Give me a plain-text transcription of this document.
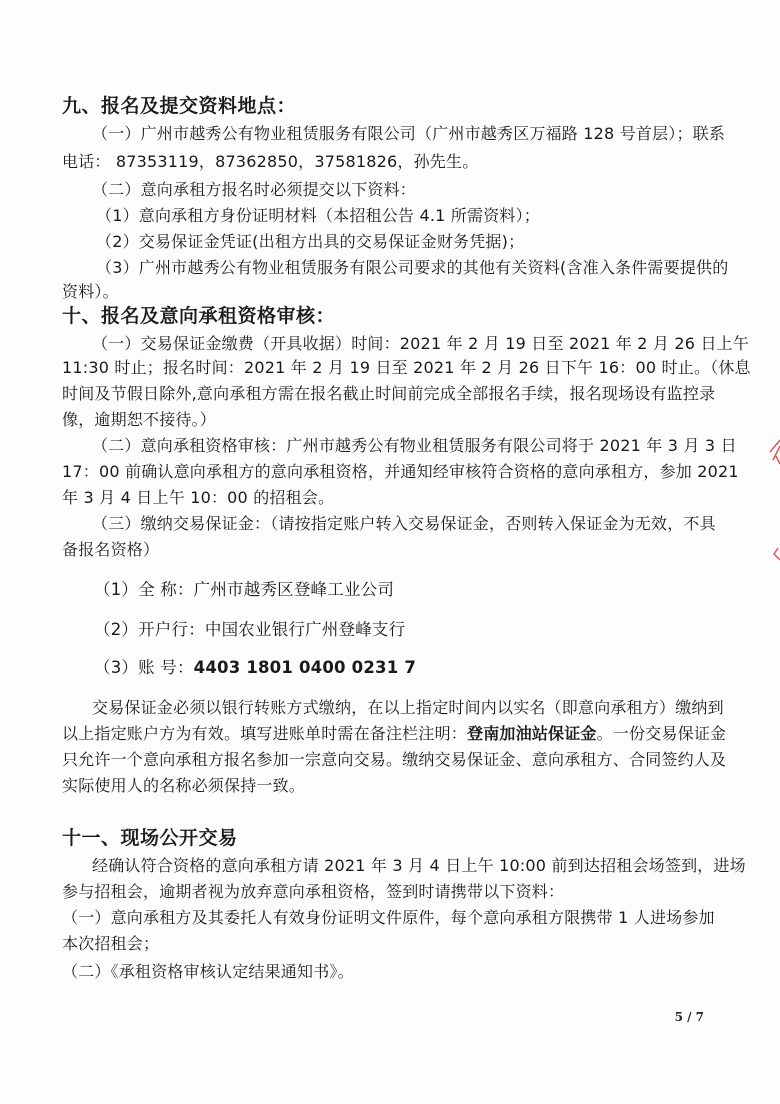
九、报名及提交资料地点：
（一）广州市越秀公有物业租赁服务有限公司（广州市越秀区万福路 128 号首层）；联系
电话： 87353119，87362850，37581826，孙先生。
（二）意向承租方报名时必须提交以下资料：
（1）意向承租方身份证明材料（本招租公告 4.1 所需资料）；
（2）交易保证金凭证(出租方出具的交易保证金财务凭据)；
（3）广州市越秀公有物业租赁服务有限公司要求的其他有关资料(含准入条件需要提供的
资料）。
十、报名及意向承租资格审核：
（一）交易保证金缴费（开具收据）时间：2021 年 2 月 19 日至 2021 年 2 月 26 日上午
11:30 时止；报名时间：2021 年 2 月 19 日至 2021 年 2 月 26 日下午 16：00 时止。（休息
时间及节假日除外,意向承租方需在报名截止时间前完成全部报名手续，报名现场设有监控录
像，逾期恕不接待。）
（二）意向承租资格审核：广州市越秀公有物业租赁服务有限公司将于 2021 年 3 月 3 日
17：00 前确认意向承租方的意向承租资格，并通知经审核符合资格的意向承租方，参加 2021
年 3 月 4 日上午 10：00 的招租会。
（三）缴纳交易保证金：（请按指定账户转入交易保证金，否则转入保证金为无效，不具
备报名资格）
（1）全 称：广州市越秀区登峰工业公司
（2）开户行：中国农业银行广州登峰支行
（3）账 号：4403 1801 0400 0231 7
交易保证金必须以银行转账方式缴纳，在以上指定时间内以实名（即意向承租方）缴纳到
以上指定账户方为有效。填写进账单时需在备注栏注明：登南加油站保证金。一份交易保证金
只允许一个意向承租方报名参加一宗意向交易。缴纳交易保证金、意向承租方、合同签约人及
实际使用人的名称必须保持一致。
十一、现场公开交易
经确认符合资格的意向承租方请 2021 年 3 月 4 日上午 10:00 前到达招租会场签到，进场
参与招租会，逾期者视为放弃意向承租资格，签到时请携带以下资料：
（一）意向承租方及其委托人有效身份证明文件原件，每个意向承租方限携带 1 人进场参加
本次招租会；
（二）《承租资格审核认定结果通知书》。
5 / 7
